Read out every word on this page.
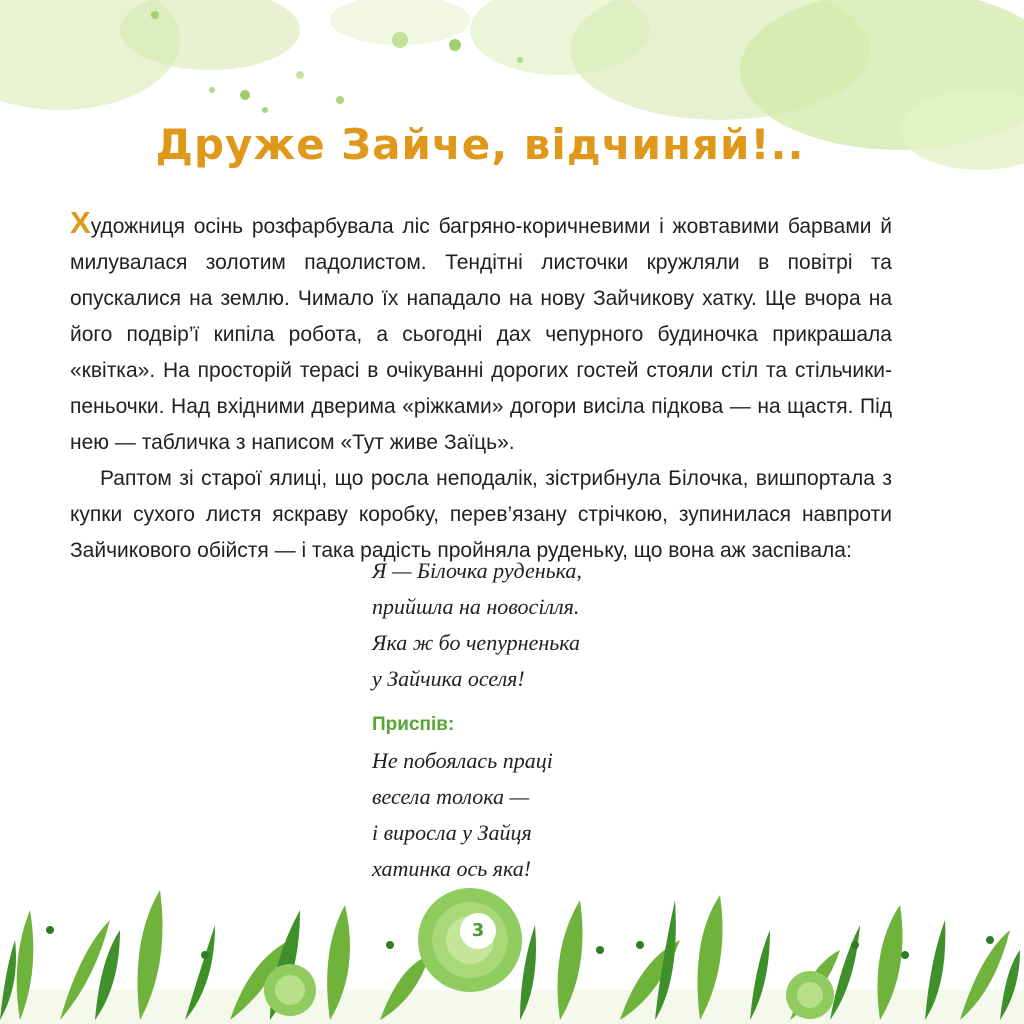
Друже Зайче, відчиняй!..

Художниця осінь розфарбувала ліс багряно-коричневими і жовтавими барвами й милувалася золотим падолистом. Тендітні листочки кружляли в повітрі та опускалися на землю. Чимало їх нападало на нову Зайчикову хатку. Ще вчора на його подвір’ї кипіла робота, а сьогодні дах чепурного будиночка прикрашала «квітка». На просторій терасі в очікуванні дорогих гостей стояли стіл та стільчики-пеньочки. Над вхідними дверима «ріжками» догори висіла підкова — на щастя. Під нею — табличка з написом «Тут живе Заїць».

Раптом зі старої ялиці, що росла неподалік, зістрибнула Білочка, вишпортала з купки сухого листя яскраву коробку, перев’язану стрічкою, зупинилася навпроти Зайчикового обійстя — і така радість пройняла руденьку, що вона аж заспівала:

Я — Білочка руденька,
прийшла на новосілля.
Яка ж бо чепурненька
у Зайчика оселя!
Приспів:
Не побоялась праці
весела толока —
і виросла у Зайця
хатинка ось яка!
3
